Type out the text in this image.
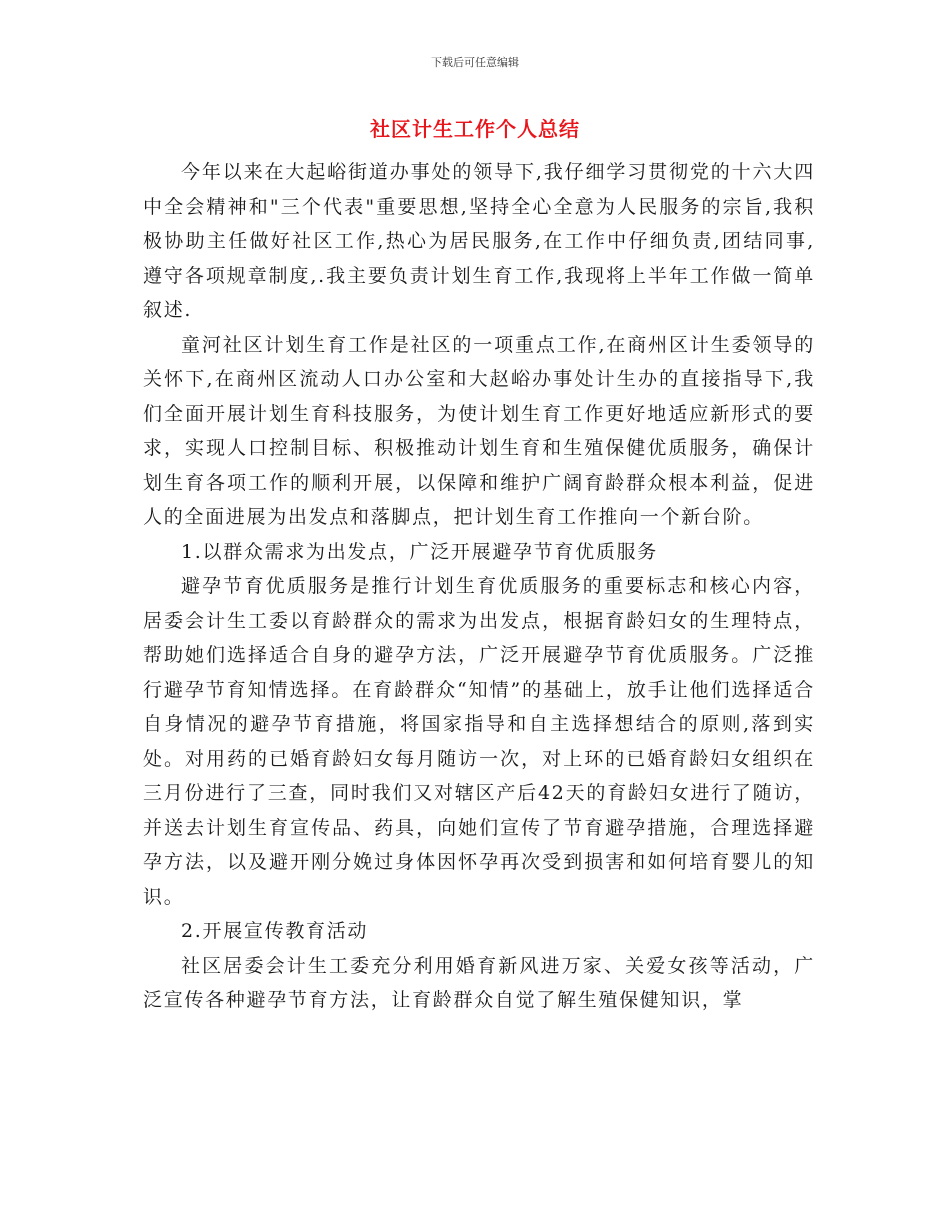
下载后可任意编辑
社区计生工作个人总结

今年以来在大起峪街道办事处的领导下,我仔细学习贯彻党的十六大四中全会精神和"三个代表"重要思想,坚持全心全意为人民服务的宗旨,我积极协助主任做好社区工作,热心为居民服务,在工作中仔细负责,团结同事,遵守各项规章制度,.我主要负责计划生育工作,我现将上半年工作做一简单叙述.

童河社区计划生育工作是社区的一项重点工作,在商州区计生委领导的关怀下,在商州区流动人口办公室和大赵峪办事处计生办的直接指导下,我们全面开展计划生育科技服务，为使计划生育工作更好地适应新形式的要求，实现人口控制目标、积极推动计划生育和生殖保健优质服务，确保计划生育各项工作的顺利开展，以保障和维护广阔育龄群众根本利益，促进人的全面进展为出发点和落脚点，把计划生育工作推向一个新台阶。

1.以群众需求为出发点，广泛开展避孕节育优质服务

避孕节育优质服务是推行计划生育优质服务的重要标志和核心内容，居委会计生工委以育龄群众的需求为出发点，根据育龄妇女的生理特点，帮助她们选择适合自身的避孕方法，广泛开展避孕节育优质服务。广泛推行避孕节育知情选择。在育龄群众“知情”的基础上，放手让他们选择适合自身情况的避孕节育措施，将国家指导和自主选择想结合的原则,落到实处。对用药的已婚育龄妇女每月随访一次，对上环的已婚育龄妇女组织在三月份进行了三查，同时我们又对辖区产后42天的育龄妇女进行了随访，并送去计划生育宣传品、药具，向她们宣传了节育避孕措施，合理选择避孕方法，以及避开刚分娩过身体因怀孕再次受到损害和如何培育婴儿的知识。

2.开展宣传教育活动

社区居委会计生工委充分利用婚育新风进万家、关爱女孩等活动，广泛宣传各种避孕节育方法，让育龄群众自觉了解生殖保健知识，掌
